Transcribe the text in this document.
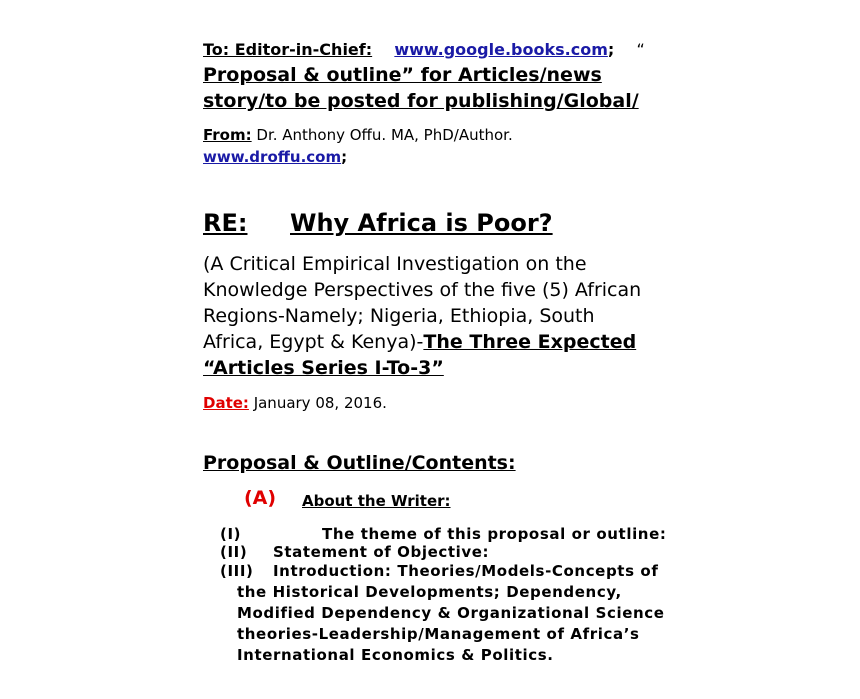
To: Editor-in-Chief: www.google.books.com; “
Proposal & outline” for Articles/news
story/to be posted for publishing/Global/
From: Dr. Anthony Offu. MA, PhD/Author.
www.droffu.com;
RE: Why Africa is Poor?
(A Critical Empirical Investigation on the
Knowledge Perspectives of the five (5) African
Regions-Namely; Nigeria, Ethiopia, South
Africa, Egypt & Kenya)-The Three Expected
“Articles Series I-To-3”
Date: January 08, 2016.
Proposal & Outline/Contents:
(A) About the Writer:
(I)	The theme of this proposal or outline:
(II) Statement of Objective:
(III) Introduction: Theories/Models-Concepts of
the Historical Developments; Dependency,
Modified Dependency & Organizational Science
theories-Leadership/Management of Africa’s
International Economics & Politics.
